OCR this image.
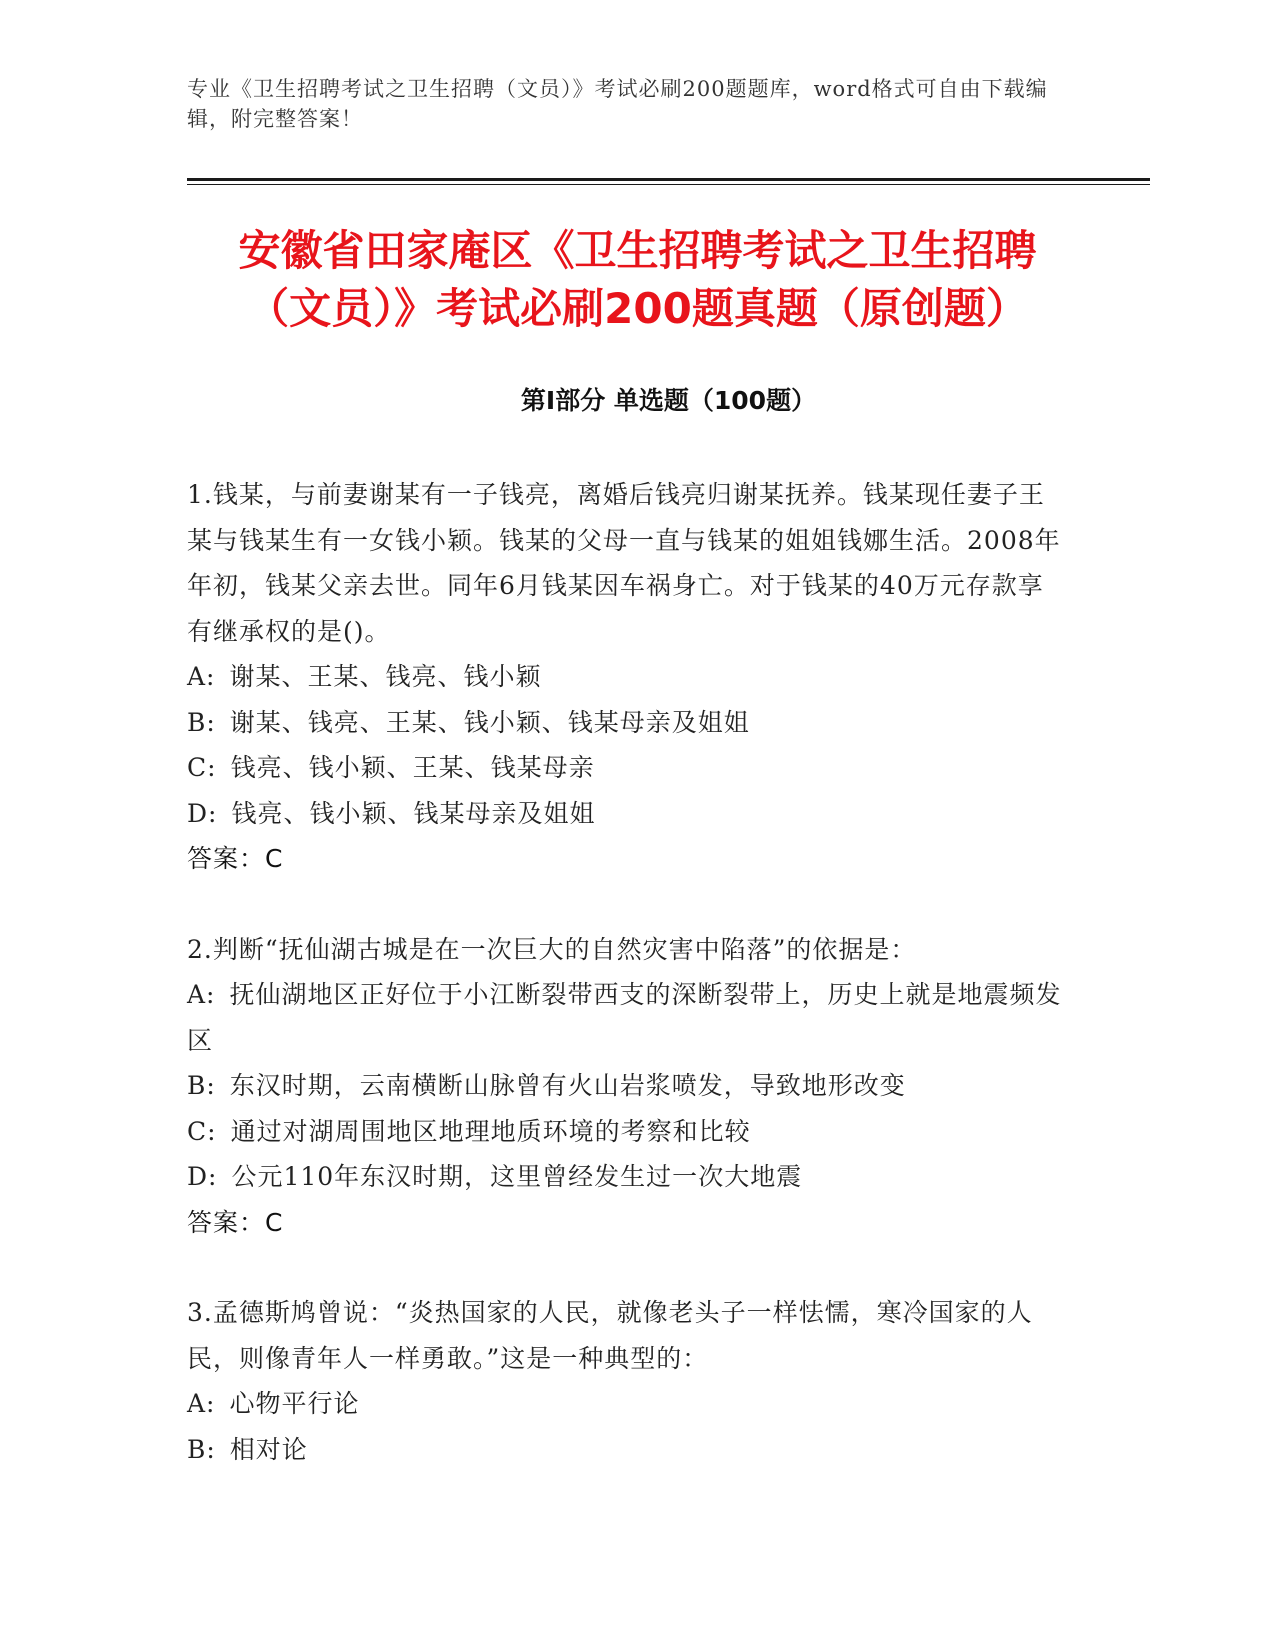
专业《卫生招聘考试之卫生招聘（文员）》考试必刷200题题库，word格式可自由下载编辑，附完整答案！
安徽省田家庵区《卫生招聘考试之卫生招聘
（文员）》考试必刷200题真题（原创题）
第Ⅰ部分 单选题（100题）

1.钱某，与前妻谢某有一子钱亮，离婚后钱亮归谢某抚养。钱某现任妻子王某与钱某生有一女钱小颖。钱某的父母一直与钱某的姐姐钱娜生活。2008年年初，钱某父亲去世。同年6月钱某因车祸身亡。对于钱某的40万元存款享有继承权的是()。

A: 谢某、王某、钱亮、钱小颖

B: 谢某、钱亮、王某、钱小颖、钱某母亲及姐姐

C: 钱亮、钱小颖、王某、钱某母亲

D: 钱亮、钱小颖、钱某母亲及姐姐

答案：C

2.判断“抚仙湖古城是在一次巨大的自然灾害中陷落”的依据是：

A: 抚仙湖地区正好位于小江断裂带西支的深断裂带上，历史上就是地震频发区

B: 东汉时期，云南横断山脉曾有火山岩浆喷发，导致地形改变

C: 通过对湖周围地区地理地质环境的考察和比较

D: 公元110年东汉时期，这里曾经发生过一次大地震

答案：C

3.孟德斯鸠曾说：“炎热国家的人民，就像老头子一样怯懦，寒冷国家的人民，则像青年人一样勇敢。”这是一种典型的：

A: 心物平行论

B: 相对论
